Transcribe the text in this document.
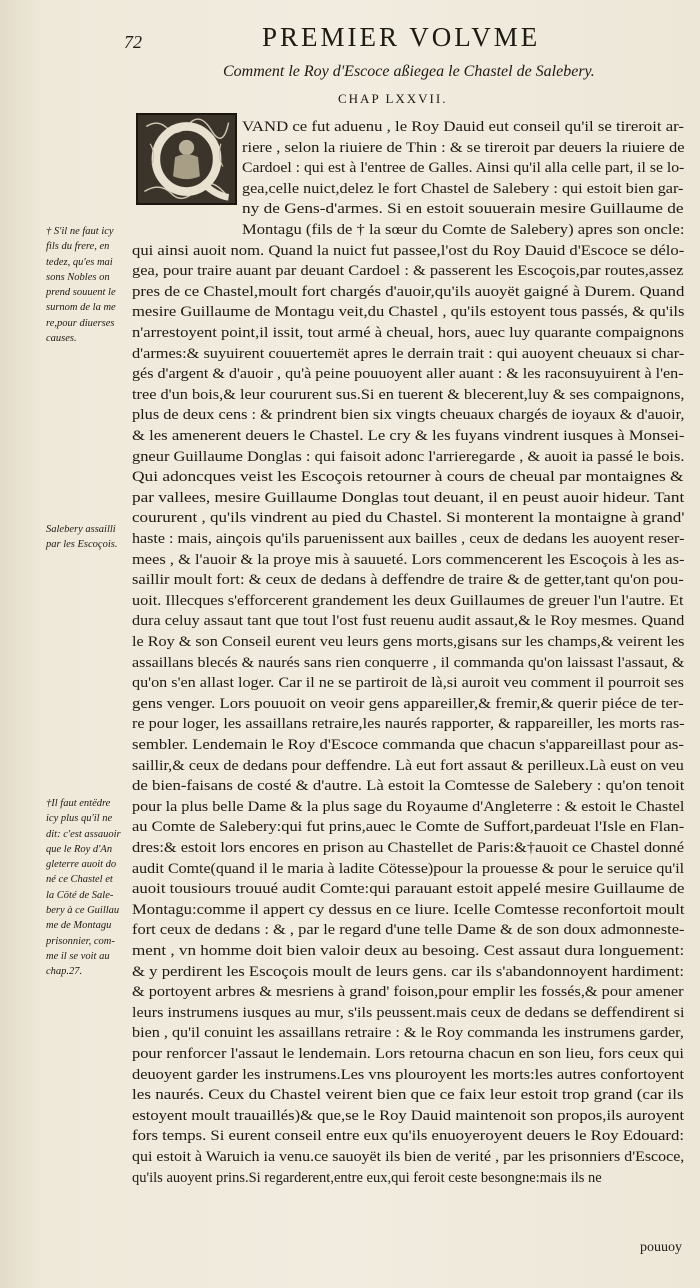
72	PREMIER VOLVME
Comment le Roy d'Escoce aßiegea le Chastel de Salebery.
CHAP LXXVII.
VAND ce fut aduenu , le Roy Dauid eut conseil qu'il se tireroit ar-
riere , selon la riuiere de Thin : & se tireroit par deuers la riuiere de
Cardoel : qui est à l'entree de Galles. Ainsi qu'il alla celle part, il se lo-
gea,celle nuict,delez le fort Chastel de Salebery : qui estoit bien gar-
ny de Gens-d'armes. Si en estoit souuerain mesire Guillaume de
Montagu (fils de † la sœur du Comte de Salebery) apres son oncle:
qui ainsi auoit nom. Quand la nuict fut passee,l'ost du Roy Dauid d'Escoce se délo-
gea, pour traire auant par deuant Cardoel : & passerent les Escoçois,par routes,assez
pres de ce Chastel,moult fort chargés d'auoir,qu'ils auoyët gaigné à Durem. Quand
mesire Guillaume de Montagu veit,du Chastel , qu'ils estoyent tous passés, & qu'ils
n'arrestoyent point,il issit, tout armé à cheual, hors, auec luy quarante compaignons
d'armes:& suyuirent couuertemët apres le derrain trait : qui auoyent cheuaux si char-
gés d'argent & d'auoir , qu'à peine pouuoyent aller auant : & les raconsuyuirent à l'en-
tree d'un bois,& leur coururent sus.Si en tuerent & blecerent,luy & ses compaignons,
plus de deux cens : & prindrent bien six vingts cheuaux chargés de ioyaux & d'auoir,
& les amenerent deuers le Chastel. Le cry & les fuyans vindrent iusques à Monsei-
gneur Guillaume Donglas : qui faisoit adonc l'arrieregarde , & auoit ia passé le bois.
Qui adoncques veist les Escoçois retourner à cours de cheual par montaignes &
par vallees, mesire Guillaume Donglas tout deuant, il en peust auoir hideur. Tant
coururent , qu'ils vindrent au pied du Chastel. Si monterent la montaigne à grand'
haste : mais, ainçois qu'ils paruenissent aux bailles , ceux de dedans les auoyent reser-
mees , & l'auoir & la proye mis à sauueté. Lors commencerent les Escoçois à les as-
saillir moult fort: & ceux de dedans à deffendre de traire & de getter,tant qu'on pou-
uoit. Illecques s'efforcerent grandement les deux Guillaumes de greuer l'un l'autre. Et
dura celuy assaut tant que tout l'ost fust reuenu audit assaut,& le Roy mesmes. Quand
le Roy & son Conseil eurent veu leurs gens morts,gisans sur les champs,& veirent les
assaillans blecés & naurés sans rien conquerre , il commanda qu'on laissast l'assaut, &
qu'on s'en allast loger. Car il ne se partiroit de là,si auroit veu comment il pourroit ses
gens venger. Lors pouuoit on veoir gens appareiller,& fremir,& querir piéce de ter-
re pour loger, les assaillans retraire,les naurés rapporter, & rappareiller, les morts ras-
sembler. Lendemain le Roy d'Escoce commanda que chacun s'appareillast pour as-
saillir,& ceux de dedans pour deffendre. Là eut fort assaut & perilleux.Là eust on veu
de bien-faisans de costé & d'autre. Là estoit la Comtesse de Salebery : qu'on tenoit
pour la plus belle Dame & la plus sage du Royaume d'Angleterre : & estoit le Chastel
au Comte de Salebery:qui fut prins,auec le Comte de Suffort,pardeuat l'Isle en Flan-
dres:& estoit lors encores en prison au Chastellet de Paris:&†auoit ce Chastel donné
audit Comte(quand il le maria à ladite Cötesse)pour la prouesse & pour le seruice qu'il
auoit tousiours trouué audit Comte:qui parauant estoit appelé mesire Guillaume de
Montagu:comme il appert cy dessus en ce liure. Icelle Comtesse reconfortoit moult
fort ceux de dedans : & , par le regard d'une telle Dame & de son doux admonneste-
ment , vn homme doit bien valoir deux au besoing. Cest assaut dura longuement:
& y perdirent les Escoçois moult de leurs gens. car ils s'abandonnoyent hardiment:
& portoyent arbres & mesriens à grand' foison,pour emplir les fossés,& pour amener
leurs instrumens iusques au mur, s'ils peussent.mais ceux de dedans se deffendirent si
bien , qu'il conuint les assaillans retraire : & le Roy commanda les instrumens garder,
pour renforcer l'assaut le lendemain. Lors retourna chacun en son lieu, fors ceux qui
deuoyent garder les instrumens.Les vns plouroyent les morts:les autres confortoyent
les naurés. Ceux du Chastel veirent bien que ce faix leur estoit trop grand (car ils
estoyent moult trauaillés)& que,se le Roy Dauid maintenoit son propos,ils auroyent
fors temps. Si eurent conseil entre eux qu'ils enuoyeroyent deuers le Roy Edouard:
qui estoit à Waruich ia venu.ce sauoyët ils bien de verité , par les prisonniers d'Escoce,
qu'ils auoyent prins.Si regarderent,entre eux,qui feroit ceste besongne:mais ils ne
† S'il ne faut icy
fils du frere, en
tedez, qu'es mai
sons Nobles on
prend souuent le
surnom de la me
re,pour diuerses
causes.
Salebery assailli
par les Escoçois.
†Il faut entëdre
icy plus qu'il ne
dit: c'est assauoir
que le Roy d'An
gleterre auoit do
né ce Chastel et
la Cöté de Sale-
bery à ce Guillau
me de Montagu
prisonnier, com-
me il se voit au
chap.27.
pouuoy
